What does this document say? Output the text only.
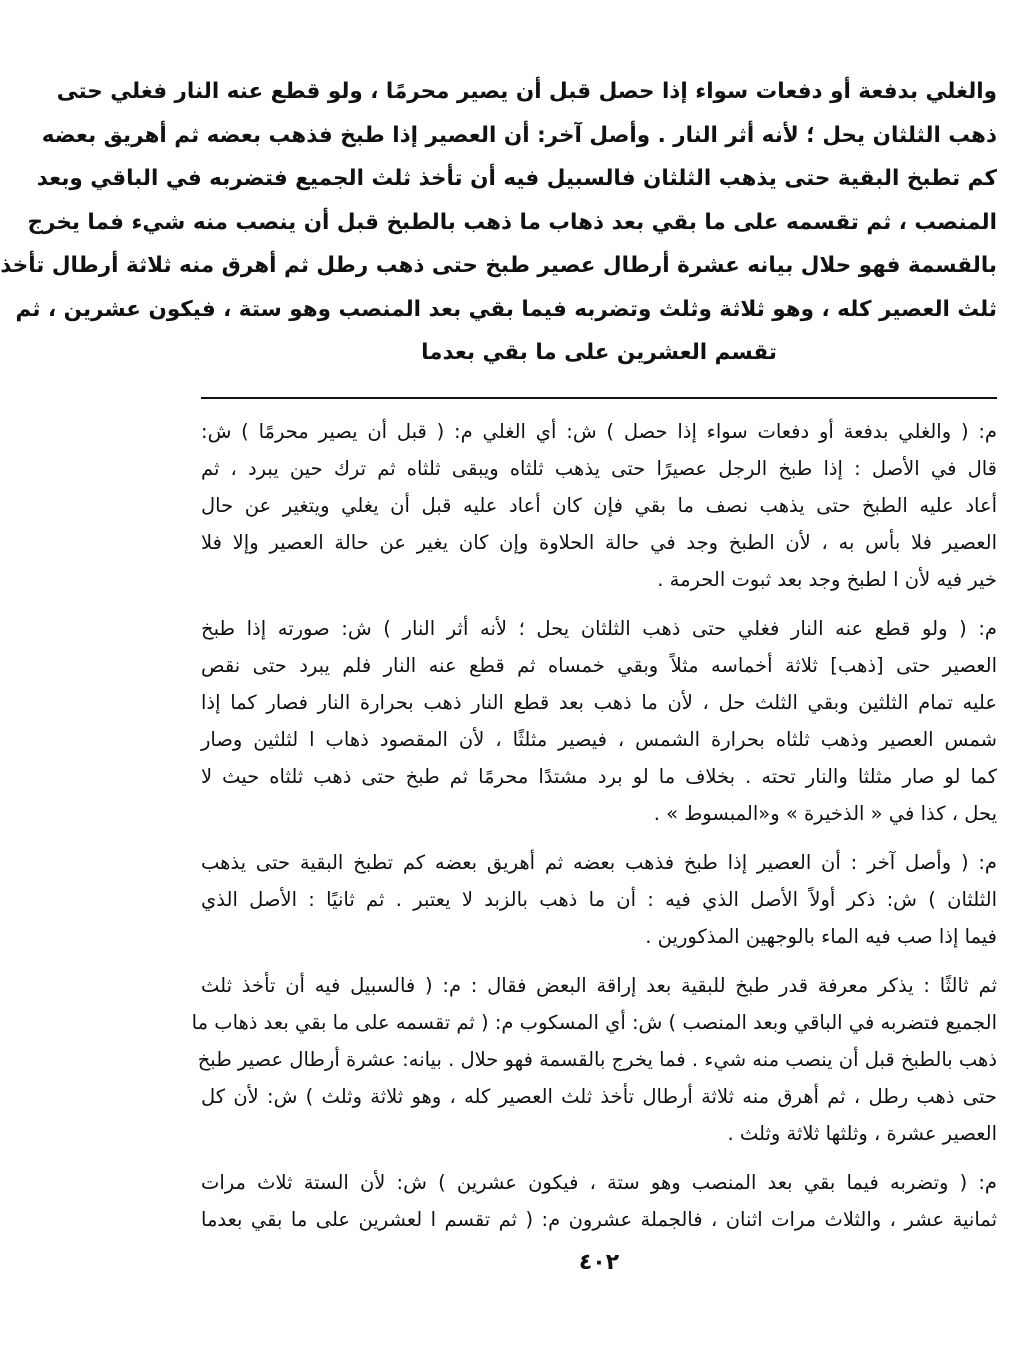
والغلي بدفعة أو دفعات سواء إذا حصل قبل أن يصير محرمًا ، ولو قطع عنه النار فغلي حتى
ذهب الثلثان يحل ؛ لأنه أثر النار . وأصل آخر: أن العصير إذا طبخ فذهب بعضه ثم أهريق بعضه
كم تطبخ البقية حتى يذهب الثلثان فالسبيل فيه أن تأخذ ثلث الجميع فتضربه في الباقي وبعد
المنصب ، ثم تقسمه على ما بقي بعد ذهاب ما ذهب بالطبخ قبل أن ينصب منه شيء فما يخرج
بالقسمة فهو حلال بيانه عشرة أرطال عصير طبخ حتى ذهب رطل ثم أهرق منه ثلاثة أرطال تأخذ
ثلث العصير كله ، وهو ثلاثة وثلث وتضربه فيما بقي بعد المنصب وهو ستة ، فيكون عشرين ، ثم
تقسم العشرين على ما بقي بعدما
م: ( والغلي بدفعة أو دفعات سواء إذا حصل ) ش: أي الغلي م: ( قبل أن يصير محرمًا ) ش:
قال في الأصل : إذا طبخ الرجل عصيرًا حتى يذهب ثلثاه ويبقى ثلثاه ثم ترك حين يبرد ، ثم
أعاد عليه الطبخ حتى يذهب نصف ما بقي فإن كان أعاد عليه قبل أن يغلي ويتغير عن حال
العصير فلا بأس به ، لأن الطبخ وجد في حالة الحلاوة وإن كان يغير عن حالة العصير وإلا فلا
خير فيه لأن ا لطبخ وجد بعد ثبوت الحرمة .
م: ( ولو قطع عنه النار فغلي حتى ذهب الثلثان يحل ؛ لأنه أثر النار ) ش: صورته إذا طبخ
العصير حتى [ذهب] ثلاثة أخماسه مثلاً وبقي خمساه ثم قطع عنه النار فلم يبرد حتى نقص
عليه تمام الثلثين وبقي الثلث حل ، لأن ما ذهب بعد قطع النار ذهب بحرارة النار فصار كما إذا
شمس العصير وذهب ثلثاه بحرارة الشمس ، فيصير مثلثًا ، لأن المقصود ذهاب ا لثلثين وصار
كما لو صار مثلثا والنار تحته . بخلاف ما لو برد مشتدًا محرمًا ثم طبخ حتى ذهب ثلثاه حيث لا
يحل ، كذا في « الذخيرة » و«المبسوط » .
م: ( وأصل آخر : أن العصير إذا طبخ فذهب بعضه ثم أهريق بعضه كم تطبخ البقية حتى يذهب
الثلثان ) ش: ذكر أولاً الأصل الذي فيه : أن ما ذهب بالزبد لا يعتبر . ثم ثانيًا : الأصل الذي
فيما إذا صب فيه الماء بالوجهين المذكورين .
ثم ثالثًا : يذكر معرفة قدر طبخ للبقية بعد إراقة البعض فقال : م: ( فالسبيل فيه أن تأخذ ثلث
الجميع فتضربه في الباقي وبعد المنصب ) ش: أي المسكوب م: ( ثم تقسمه على ما بقي بعد ذهاب ما
ذهب بالطبخ قبل أن ينصب منه شيء . فما يخرج بالقسمة فهو حلال . بيانه: عشرة أرطال عصير طبخ
حتى ذهب رطل ، ثم أهرق منه ثلاثة أرطال تأخذ ثلث العصير كله ، وهو ثلاثة وثلث ) ش: لأن كل
العصير عشرة ، وثلثها ثلاثة وثلث .
م: ( وتضربه فيما بقي بعد المنصب وهو ستة ، فيكون عشرين ) ش: لأن الستة ثلاث مرات
ثمانية عشر ، والثلاث مرات اثنان ، فالجملة عشرون م: ( ثم تقسم ا لعشرين على ما بقي بعدما
٤٠٢
